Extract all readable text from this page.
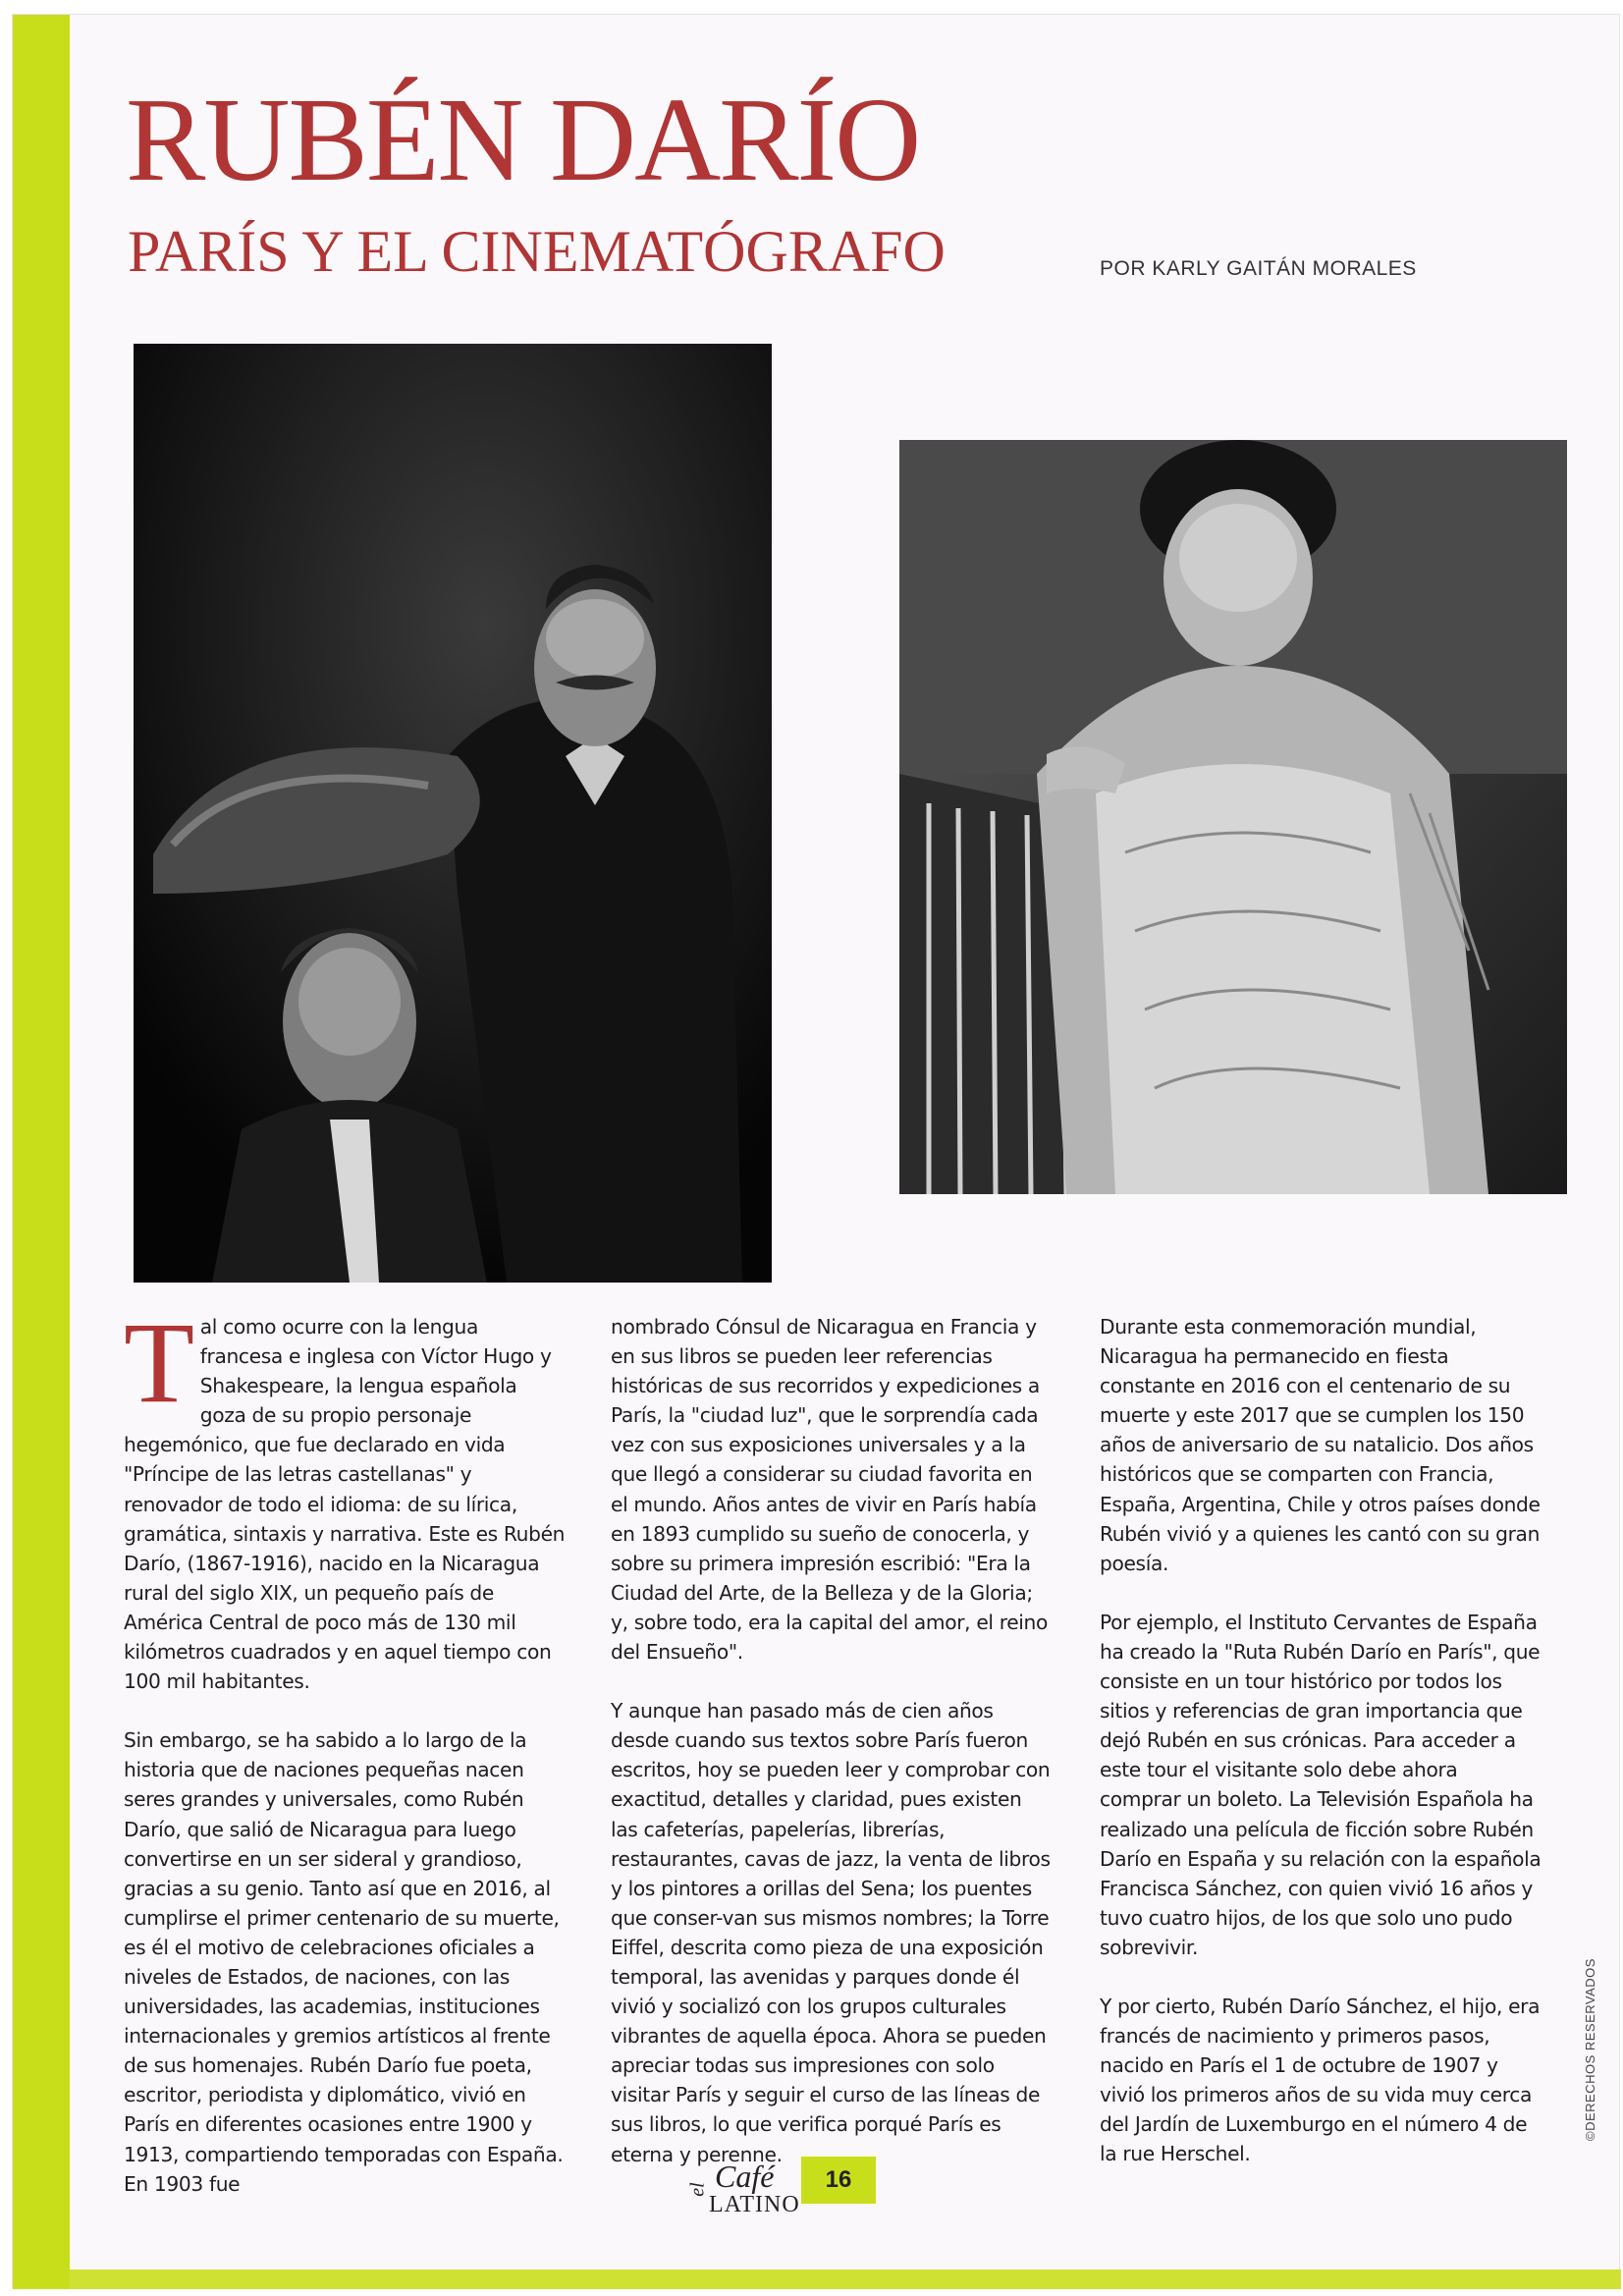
RUBÉN DARÍO
PARÍS Y EL CINEMATÓGRAFO	POR KARLY GAITÁN MORALES

Tal como ocurre con la lengua francesa e inglesa con Víctor Hugo y Shakespeare, la lengua española goza de su propio personaje hegemónico, que fue declarado en vida "Príncipe de las letras castellanas" y renovador de todo el idioma: de su lírica, gramática, sintaxis y narrativa. Este es Rubén Darío, (1867-1916), nacido en la Nicaragua rural del siglo XIX, un pequeño país de América Central de poco más de 130 mil kilómetros cuadrados y en aquel tiempo con 100 mil habitantes.

Sin embargo, se ha sabido a lo largo de la historia que de naciones pequeñas nacen seres grandes y universales, como Rubén Darío, que salió de Nicaragua para luego convertirse en un ser sideral y grandioso, gracias a su genio. Tanto así que en 2016, al cumplirse el primer centenario de su muerte, es él el motivo de celebraciones oficiales a niveles de Estados, de naciones, con las universidades, las academias, instituciones internacionales y gremios artísticos al frente de sus homenajes. Rubén Darío fue poeta, escritor, periodista y diplomático, vivió en París en diferentes ocasiones entre 1900 y 1913, compartiendo temporadas con España. En 1903 fue

nombrado Cónsul de Nicaragua en Francia y en sus libros se pueden leer referencias históricas de sus recorridos y expediciones a París, la "ciudad luz", que le sorprendía cada vez con sus exposiciones universales y a la que llegó a considerar su ciudad favorita en el mundo. Años antes de vivir en París había en 1893 cumplido su sueño de conocerla, y sobre su primera impresión escribió: "Era la Ciudad del Arte, de la Belleza y de la Gloria; y, sobre todo, era la capital del amor, el reino del Ensueño".

Y aunque han pasado más de cien años desde cuando sus textos sobre París fueron escritos, hoy se pueden leer y comprobar con exactitud, detalles y claridad, pues existen las cafeterías, papelerías, librerías, restaurantes, cavas de jazz, la venta de libros y los pintores a orillas del Sena; los puentes que conser-van sus mismos nombres; la Torre Eiffel, descrita como pieza de una exposición temporal, las avenidas y parques donde él vivió y socializó con los grupos culturales vibrantes de aquella época. Ahora se pueden apreciar todas sus impresiones con solo visitar París y seguir el curso de las líneas de sus libros, lo que verifica porqué París es eterna y perenne.

Durante esta conmemoración mundial, Nicaragua ha permanecido en fiesta constante en 2016 con el centenario de su muerte y este 2017 que se cumplen los 150 años de aniversario de su natalicio. Dos años históricos que se comparten con Francia, España, Argentina, Chile y otros países donde Rubén vivió y a quienes les cantó con su gran poesía.

Por ejemplo, el Instituto Cervantes de España ha creado la "Ruta Rubén Darío en París", que consiste en un tour histórico por todos los sitios y referencias de gran importancia que dejó Rubén en sus crónicas. Para acceder a este tour el visitante solo debe ahora comprar un boleto. La Televisión Española ha realizado una película de ficción sobre Rubén Darío en España y su relación con la española Francisca Sánchez, con quien vivió 16 años y tuvo cuatro hijos, de los que solo uno pudo sobrevivir.

Y por cierto, Rubén Darío Sánchez, el hijo, era francés de nacimiento y primeros pasos, nacido en París el 1 de octubre de 1907 y vivió los primeros años de su vida muy cerca del Jardín de Luxemburgo en el número 4 de la rue Herschel.

el Café
LATINO
16
©DERECHOS RESERVADOS
